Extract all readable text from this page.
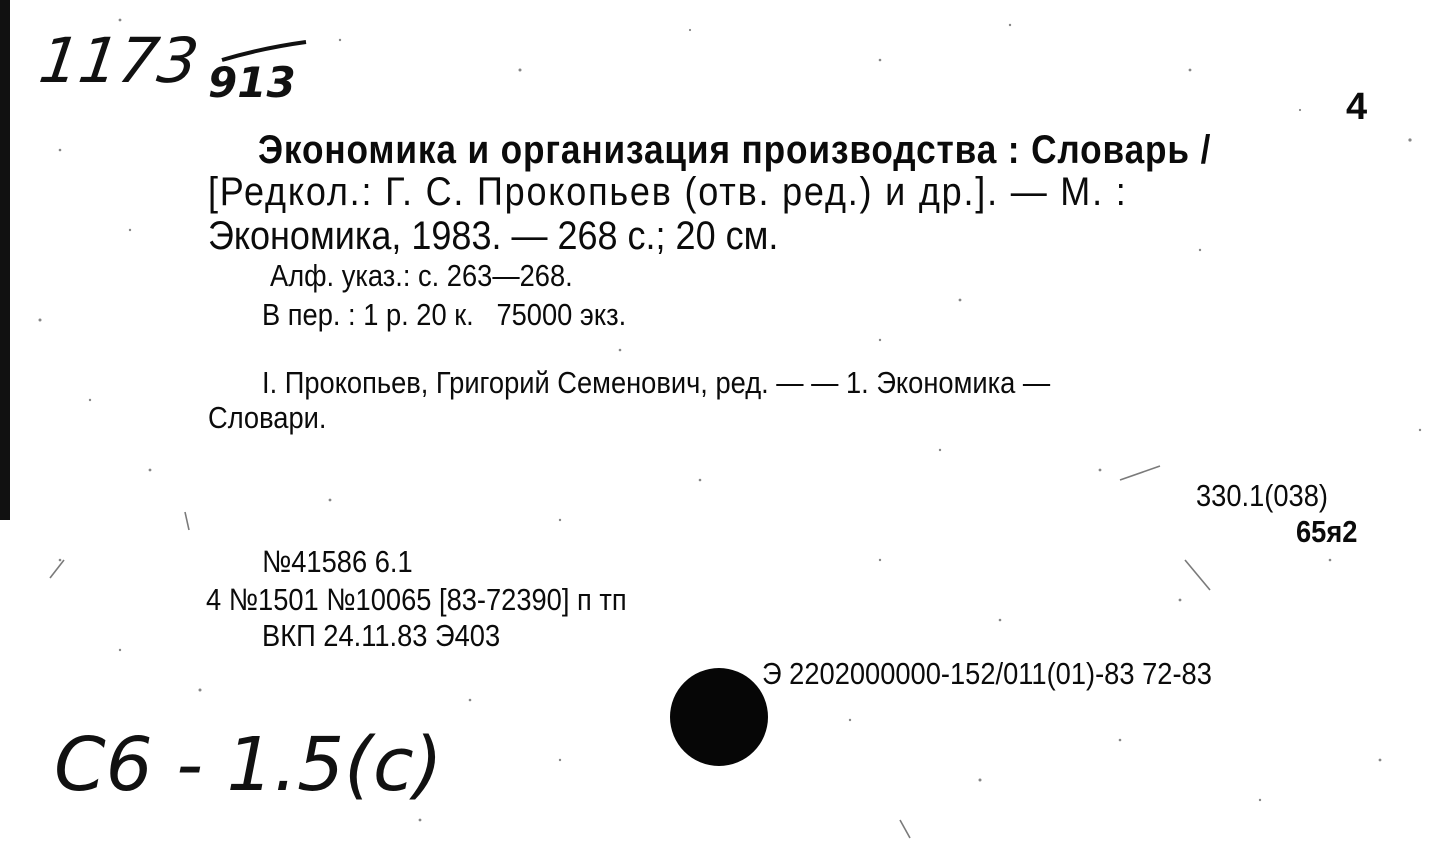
1173 913
C6 - 1.5(c)
4
Экономика и организация производства : Словарь /
[Редкол.: Г. С. Прокопьев (отв. ред.) и др.]. — М. :
Экономика, 1983. — 268 с.; 20 см.
Алф. указ.: с. 263—268.
В пер. : 1 р. 20 к.   75000 экз.
I. Прокопьев, Григорий Семенович, ред. — — 1. Экономика —
Словари.
330.1(038)
65я2
№41586 6.1
4 №1501 №10065 [83-72390] п тп
ВКП 24.11.83 Э403
Э 2202000000-152/011(01)-83 72-83
